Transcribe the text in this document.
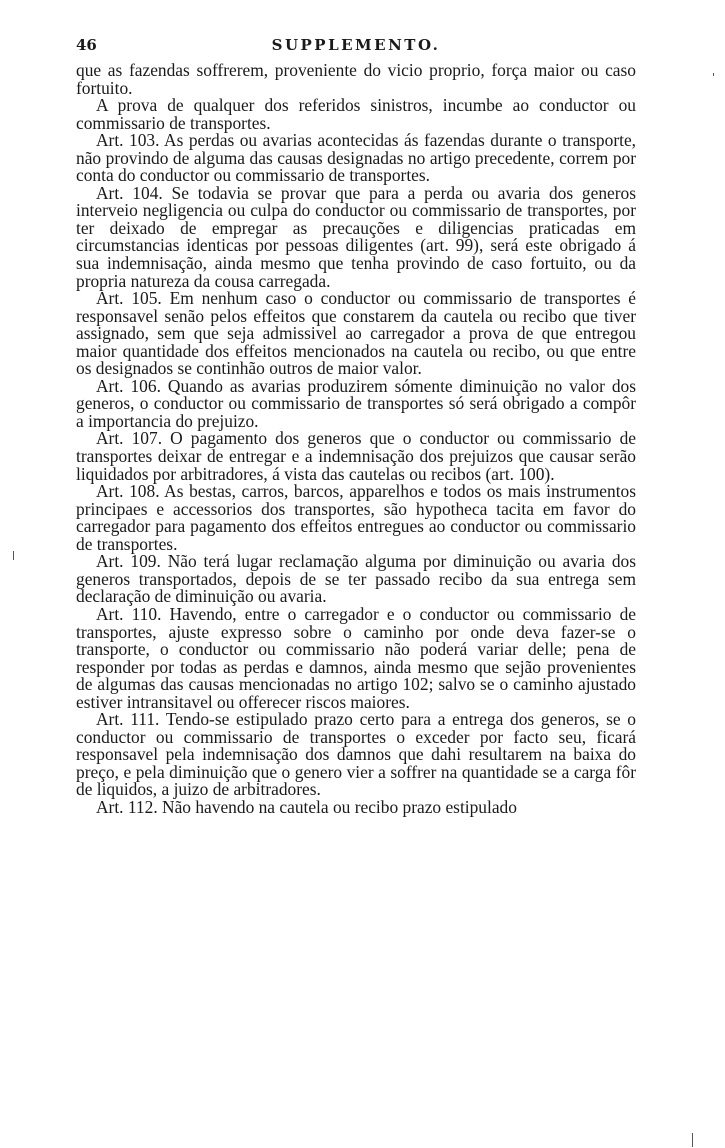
46	SUPPLEMENTO.

que as fazendas soffrerem, proveniente do vicio proprio, força maior ou caso fortuito.

A prova de qualquer dos referidos sinistros, incumbe ao conductor ou commissario de transportes.

Art. 103. As perdas ou avarias acontecidas ás fazendas durante o transporte, não provindo de alguma das causas designadas no artigo precedente, correm por conta do conductor ou commissario de transportes.

Art. 104. Se todavia se provar que para a perda ou avaria dos generos interveio negligencia ou culpa do conductor ou commissario de transportes, por ter deixado de empregar as precauções e diligencias praticadas em circumstancias identicas por pessoas diligentes (art. 99), será este obrigado á sua indemnisação, ainda mesmo que tenha provindo de caso fortuito, ou da propria natureza da cousa carregada.

Art. 105. Em nenhum caso o conductor ou commissario de transportes é responsavel senão pelos effeitos que constarem da cautela ou recibo que tiver assignado, sem que seja admissivel ao carregador a prova de que entregou maior quantidade dos effeitos mencionados na cautela ou recibo, ou que entre os designados se continhão outros de maior valor.

Art. 106. Quando as avarias produzirem sómente diminuição no valor dos generos, o conductor ou commissario de transportes só será obrigado a compôr a importancia do prejuizo.

Art. 107. O pagamento dos generos que o conductor ou commissario de transportes deixar de entregar e a indemnisação dos prejuizos que causar serão liquidados por arbitradores, á vista das cautelas ou recibos (art. 100).

Art. 108. As bestas, carros, barcos, apparelhos e todos os mais instrumentos principaes e accessorios dos transportes, são hypotheca tacita em favor do carregador para pagamento dos effeitos entregues ao conductor ou commissario de transportes.

Art. 109. Não terá lugar reclamação alguma por diminuição ou avaria dos generos transportados, depois de se ter passado recibo da sua entrega sem declaração de diminuição ou avaria.

Art. 110. Havendo, entre o carregador e o conductor ou commissario de transportes, ajuste expresso sobre o caminho por onde deva fazer-se o transporte, o conductor ou commissario não poderá variar delle; pena de responder por todas as perdas e damnos, ainda mesmo que sejão provenientes de algumas das causas mencionadas no artigo 102; salvo se o caminho ajustado estiver intransitavel ou offerecer riscos maiores.

Art. 111. Tendo-se estipulado prazo certo para a entrega dos generos, se o conductor ou commissario de transportes o exceder por facto seu, ficará responsavel pela indemnisação dos damnos que dahi resultarem na baixa do preço, e pela diminuição que o genero vier a soffrer na quantidade se a carga fôr de liquidos, a juizo de arbitradores.

Art. 112. Não havendo na cautela ou recibo prazo estipulado
